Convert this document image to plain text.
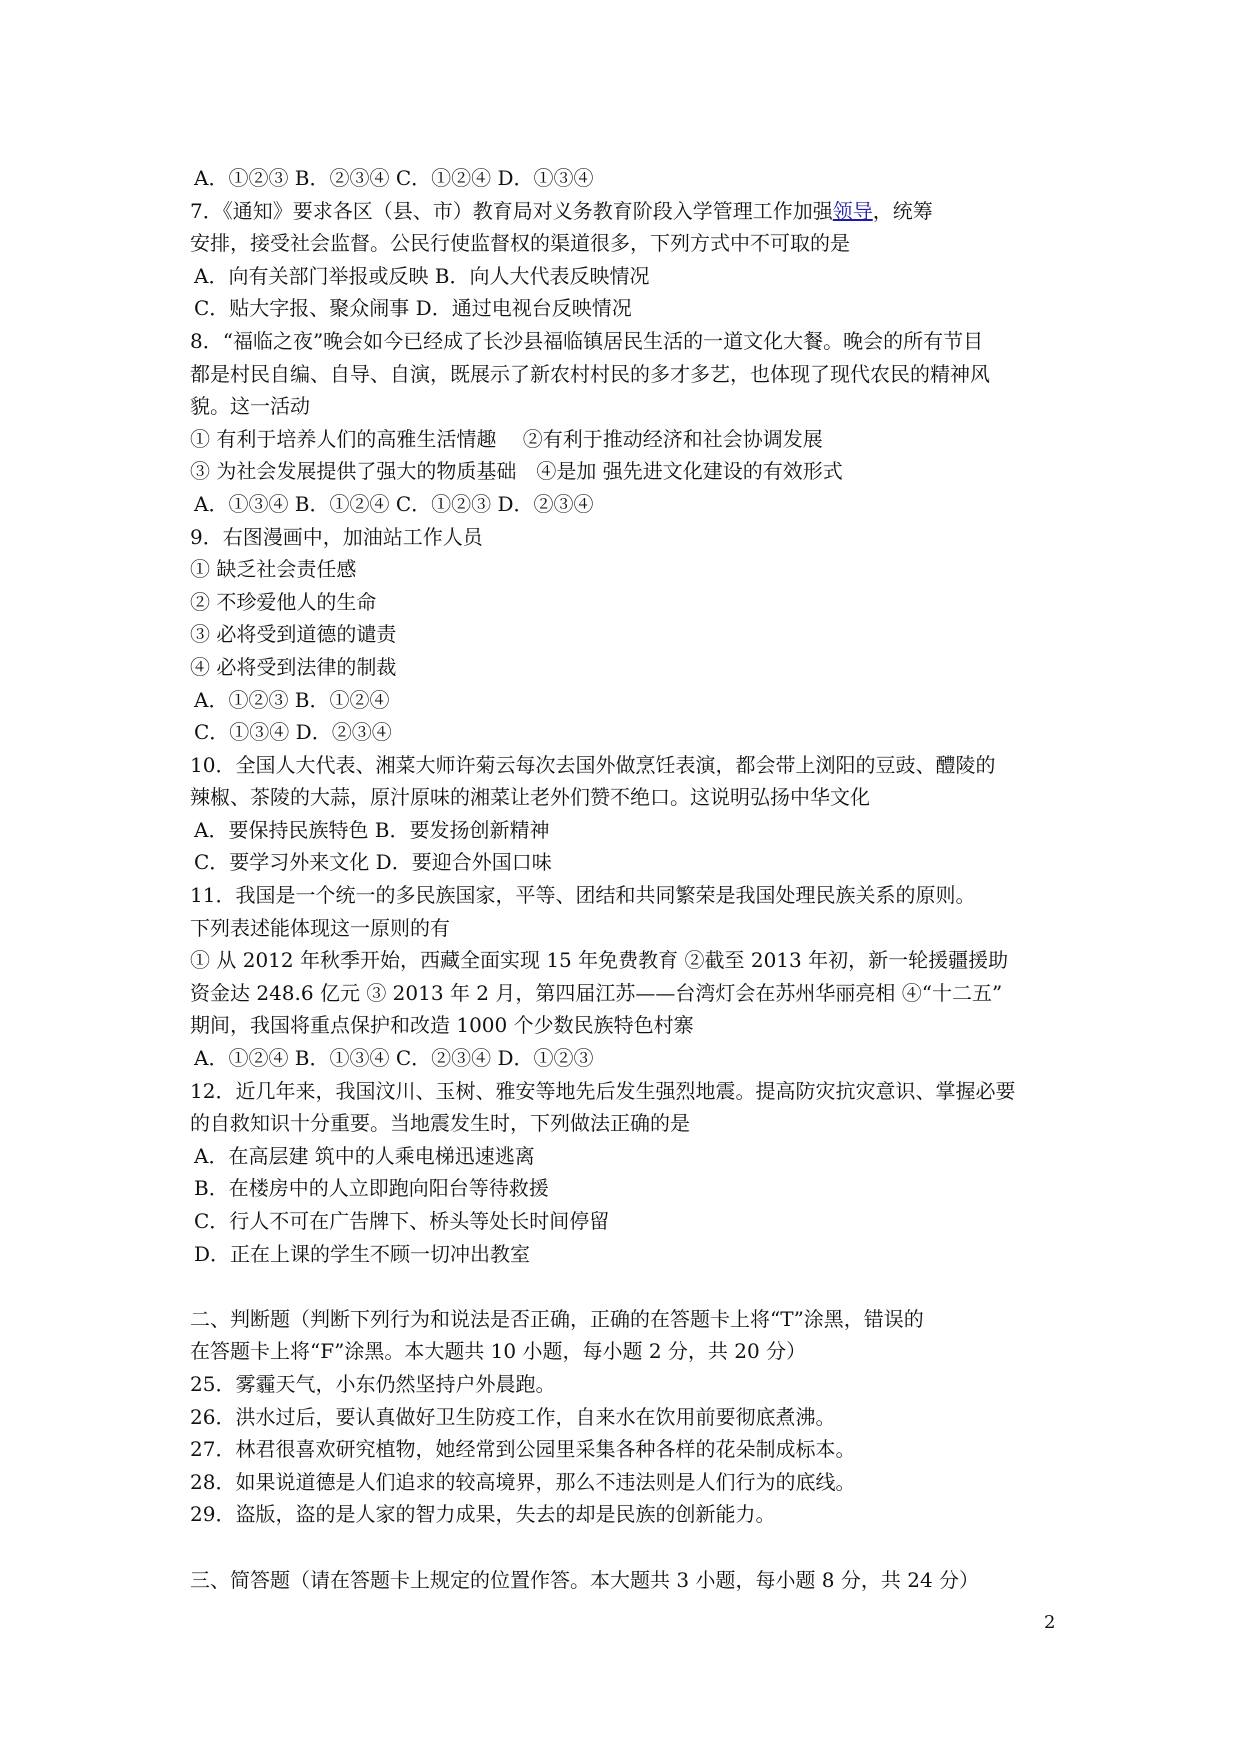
A．①②③ B．②③④ C．①②④ D．①③④
7．《通知》要求各区（县、市）教育局对义务教育阶段入学管理工作加强领导，统筹
安排，接受社会监督。公民行使监督权的渠道很多，下列方式中不可取的是
A．向有关部门举报或反映 B．向人大代表反映情况
C．贴大字报、聚众闹事 D．通过电视台反映情况
8．“福临之夜”晚会如今已经成了长沙县福临镇居民生活的一道文化大餐。晚会的所有节目
都是村民自编、自导、自演，既展示了新农村村民的多才多艺，也体现了现代农民的精神风
貌。这一活动
① 有利于培养人们的高雅生活情趣　 ②有利于推动经济和社会协调发展
③ 为社会发展提供了强大的物质基础　④是加 强先进文化建设的有效形式
A．①③④ B．①②④ C．①②③ D．②③④
9．右图漫画中，加油站工作人员
① 缺乏社会责任感
② 不珍爱他人的生命
③ 必将受到道德的谴责
④ 必将受到法律的制裁
A．①②③ B．①②④
C．①③④ D．②③④
10．全国人大代表、湘菜大师许菊云每次去国外做烹饪表演，都会带上浏阳的豆豉、醴陵的
辣椒、茶陵的大蒜，原汁原味的湘菜让老外们赞不绝口。这说明弘扬中华文化
A．要保持民族特色 B．要发扬创新精神
C．要学习外来文化 D．要迎合外国口味
11．我国是一个统一的多民族国家，平等、团结和共同繁荣是我国处理民族关系的原则。
下列表述能体现这一原则的有
① 从 2012 年秋季开始，西藏全面实现 15 年免费教育 ②截至 2013 年初，新一轮援疆援助
资金达 248.6 亿元 ③ 2013 年 2 月，第四届江苏——台湾灯会在苏州华丽亮相 ④“十二五”
期间，我国将重点保护和改造 1000 个少数民族特色村寨
A．①②④ B．①③④ C．②③④ D．①②③
12．近几年来，我国汶川、玉树、雅安等地先后发生强烈地震。提高防灾抗灾意识、掌握必要
的自救知识十分重要。当地震发生时，下列做法正确的是
A．在高层建 筑中的人乘电梯迅速逃离
B．在楼房中的人立即跑向阳台等待救援
C．行人不可在广告牌下、桥头等处长时间停留
D．正在上课的学生不顾一切冲出教室
二、判断题（判断下列行为和说法是否正确，正确的在答题卡上将“T”涂黑，错误的
在答题卡上将“F”涂黑。本大题共 10 小题，每小题 2 分，共 20 分）
25．雾霾天气，小东仍然坚持户外晨跑。
26．洪水过后，要认真做好卫生防疫工作，自来水在饮用前要彻底煮沸。
27．林君很喜欢研究植物，她经常到公园里采集各种各样的花朵制成标本。
28．如果说道德是人们追求的较高境界，那么不违法则是人们行为的底线。
29．盗版，盗的是人家的智力成果，失去的却是民族的创新能力。
三、简答题（请在答题卡上规定的位置作答。本大题共 3 小题，每小题 8 分，共 24 分）
2
